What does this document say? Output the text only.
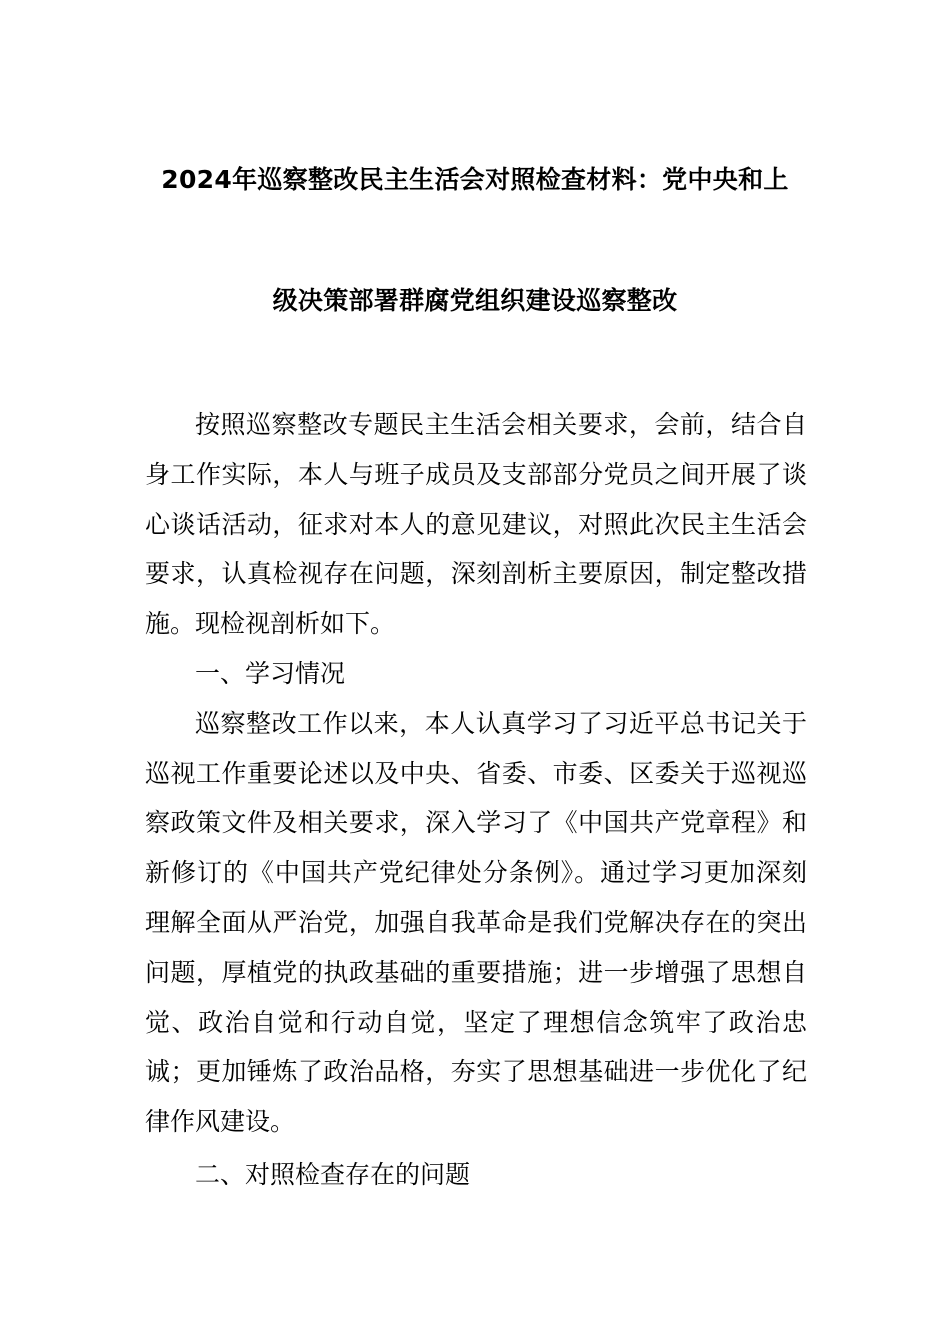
2024年巡察整改民主生活会对照检查材料：党中央和上
级决策部署群腐党组织建设巡察整改

按照巡察整改专题民主生活会相关要求，会前，结合自身工作实际，本人与班子成员及支部部分党员之间开展了谈心谈话活动，征求对本人的意见建议，对照此次民主生活会要求，认真检视存在问题，深刻剖析主要原因，制定整改措施。现检视剖析如下。

一、学习情况

巡察整改工作以来，本人认真学习了习近平总书记关于巡视工作重要论述以及中央、省委、市委、区委关于巡视巡察政策文件及相关要求，深入学习了《中国共产党章程》和新修订的《中国共产党纪律处分条例》。通过学习更加深刻理解全面从严治党，加强自我革命是我们党解决存在的突出问题，厚植党的执政基础的重要措施；进一步增强了思想自觉、政治自觉和行动自觉，坚定了理想信念筑牢了政治忠诚；更加锤炼了政治品格，夯实了思想基础进一步优化了纪律作风建设。

二、对照检查存在的问题
